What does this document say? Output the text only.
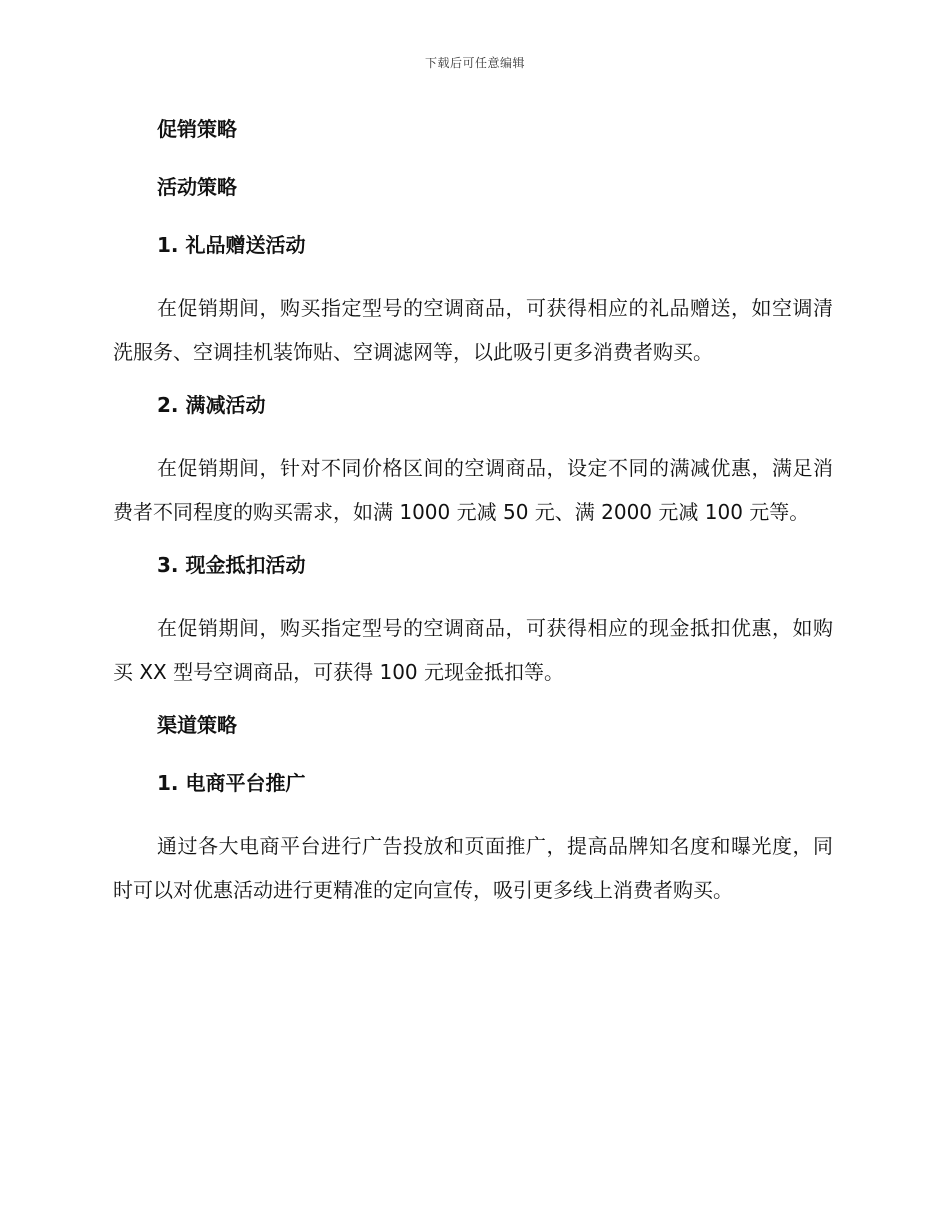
下载后可任意编辑
促销策略
活动策略
1. 礼品赠送活动

在促销期间，购买指定型号的空调商品，可获得相应的礼品赠送，如空调清洗服务、空调挂机装饰贴、空调滤网等，以此吸引更多消费者购买。

2. 满减活动

在促销期间，针对不同价格区间的空调商品，设定不同的满减优惠，满足消费者不同程度的购买需求，如满 1000 元减 50 元、满 2000 元减 100 元等。

3. 现金抵扣活动

在促销期间，购买指定型号的空调商品，可获得相应的现金抵扣优惠，如购买 XX 型号空调商品，可获得 100 元现金抵扣等。

渠道策略
1. 电商平台推广

通过各大电商平台进行广告投放和页面推广，提高品牌知名度和曝光度，同时可以对优惠活动进行更精准的定向宣传，吸引更多线上消费者购买。
